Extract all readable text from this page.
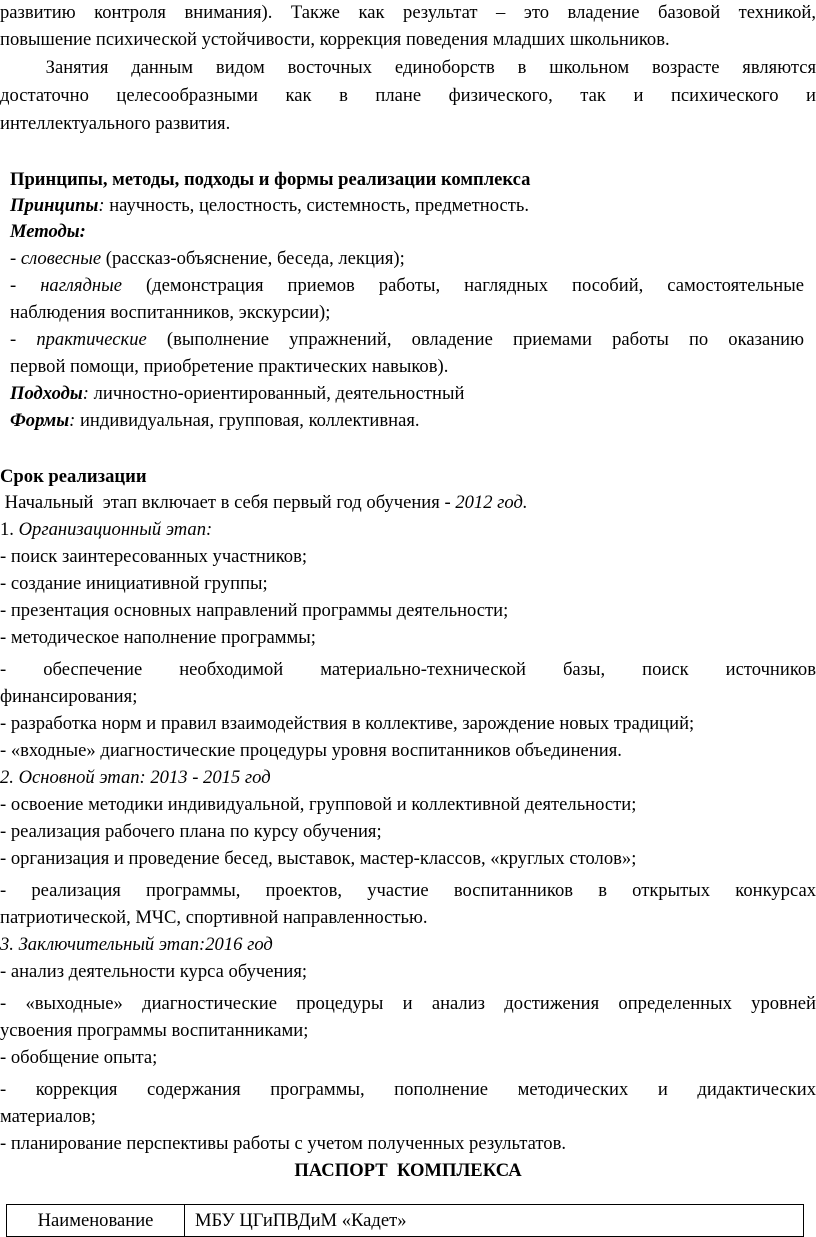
развитию контроля внимания). Также как результат – это владение базовой техникой,
повышение психической устойчивости, коррекция поведения младших школьников.
Занятия данным видом восточных единоборств в школьном возрасте являются
достаточно целесообразными как в плане физического, так и психического и
интеллектуального развития.
Принципы, методы, подходы и формы реализации комплекса
Принципы: научность, целостность, системность, предметность.
Методы:
- словесные (рассказ-объяснение, беседа, лекция);
- наглядные (демонстрация приемов работы, наглядных пособий, самостоятельные
наблюдения воспитанников, экскурсии);
- практические (выполнение упражнений, овладение приемами работы по оказанию
первой помощи, приобретение практических навыков).
Подходы: личностно-ориентированный, деятельностный
Формы: индивидуальная, групповая, коллективная.
Срок реализации
Начальный  этап включает в себя первый год обучения - 2012 год.
1. Организационный этап:
- поиск заинтересованных участников;
- создание инициативной группы;
- презентация основных направлений программы деятельности;
- методическое наполнение программы;
- обеспечение необходимой материально-технической базы, поиск источников
финансирования;
- разработка норм и правил взаимодействия в коллективе, зарождение новых традиций;
- «входные» диагностические процедуры уровня воспитанников объединения.
2. Основной этап: 2013 - 2015 год
- освоение методики индивидуальной, групповой и коллективной деятельности;
- реализация рабочего плана по курсу обучения;
- организация и проведение бесед, выставок, мастер-классов, «круглых столов»;
- реализация программы, проектов, участие воспитанников в открытых конкурсах
патриотической, МЧС, спортивной направленностью.
3. Заключительный этап:2016 год
- анализ деятельности курса обучения;
- «выходные» диагностические процедуры и анализ достижения определенных уровней
усвоения программы воспитанниками;
- обобщение опыта;
- коррекция содержания программы, пополнение методических и дидактических
материалов;
- планирование перспективы работы с учетом полученных результатов.
ПАСПОРТ  КОМПЛЕКСА
Наименование	МБУ ЦГиПВДиМ «Кадет»
